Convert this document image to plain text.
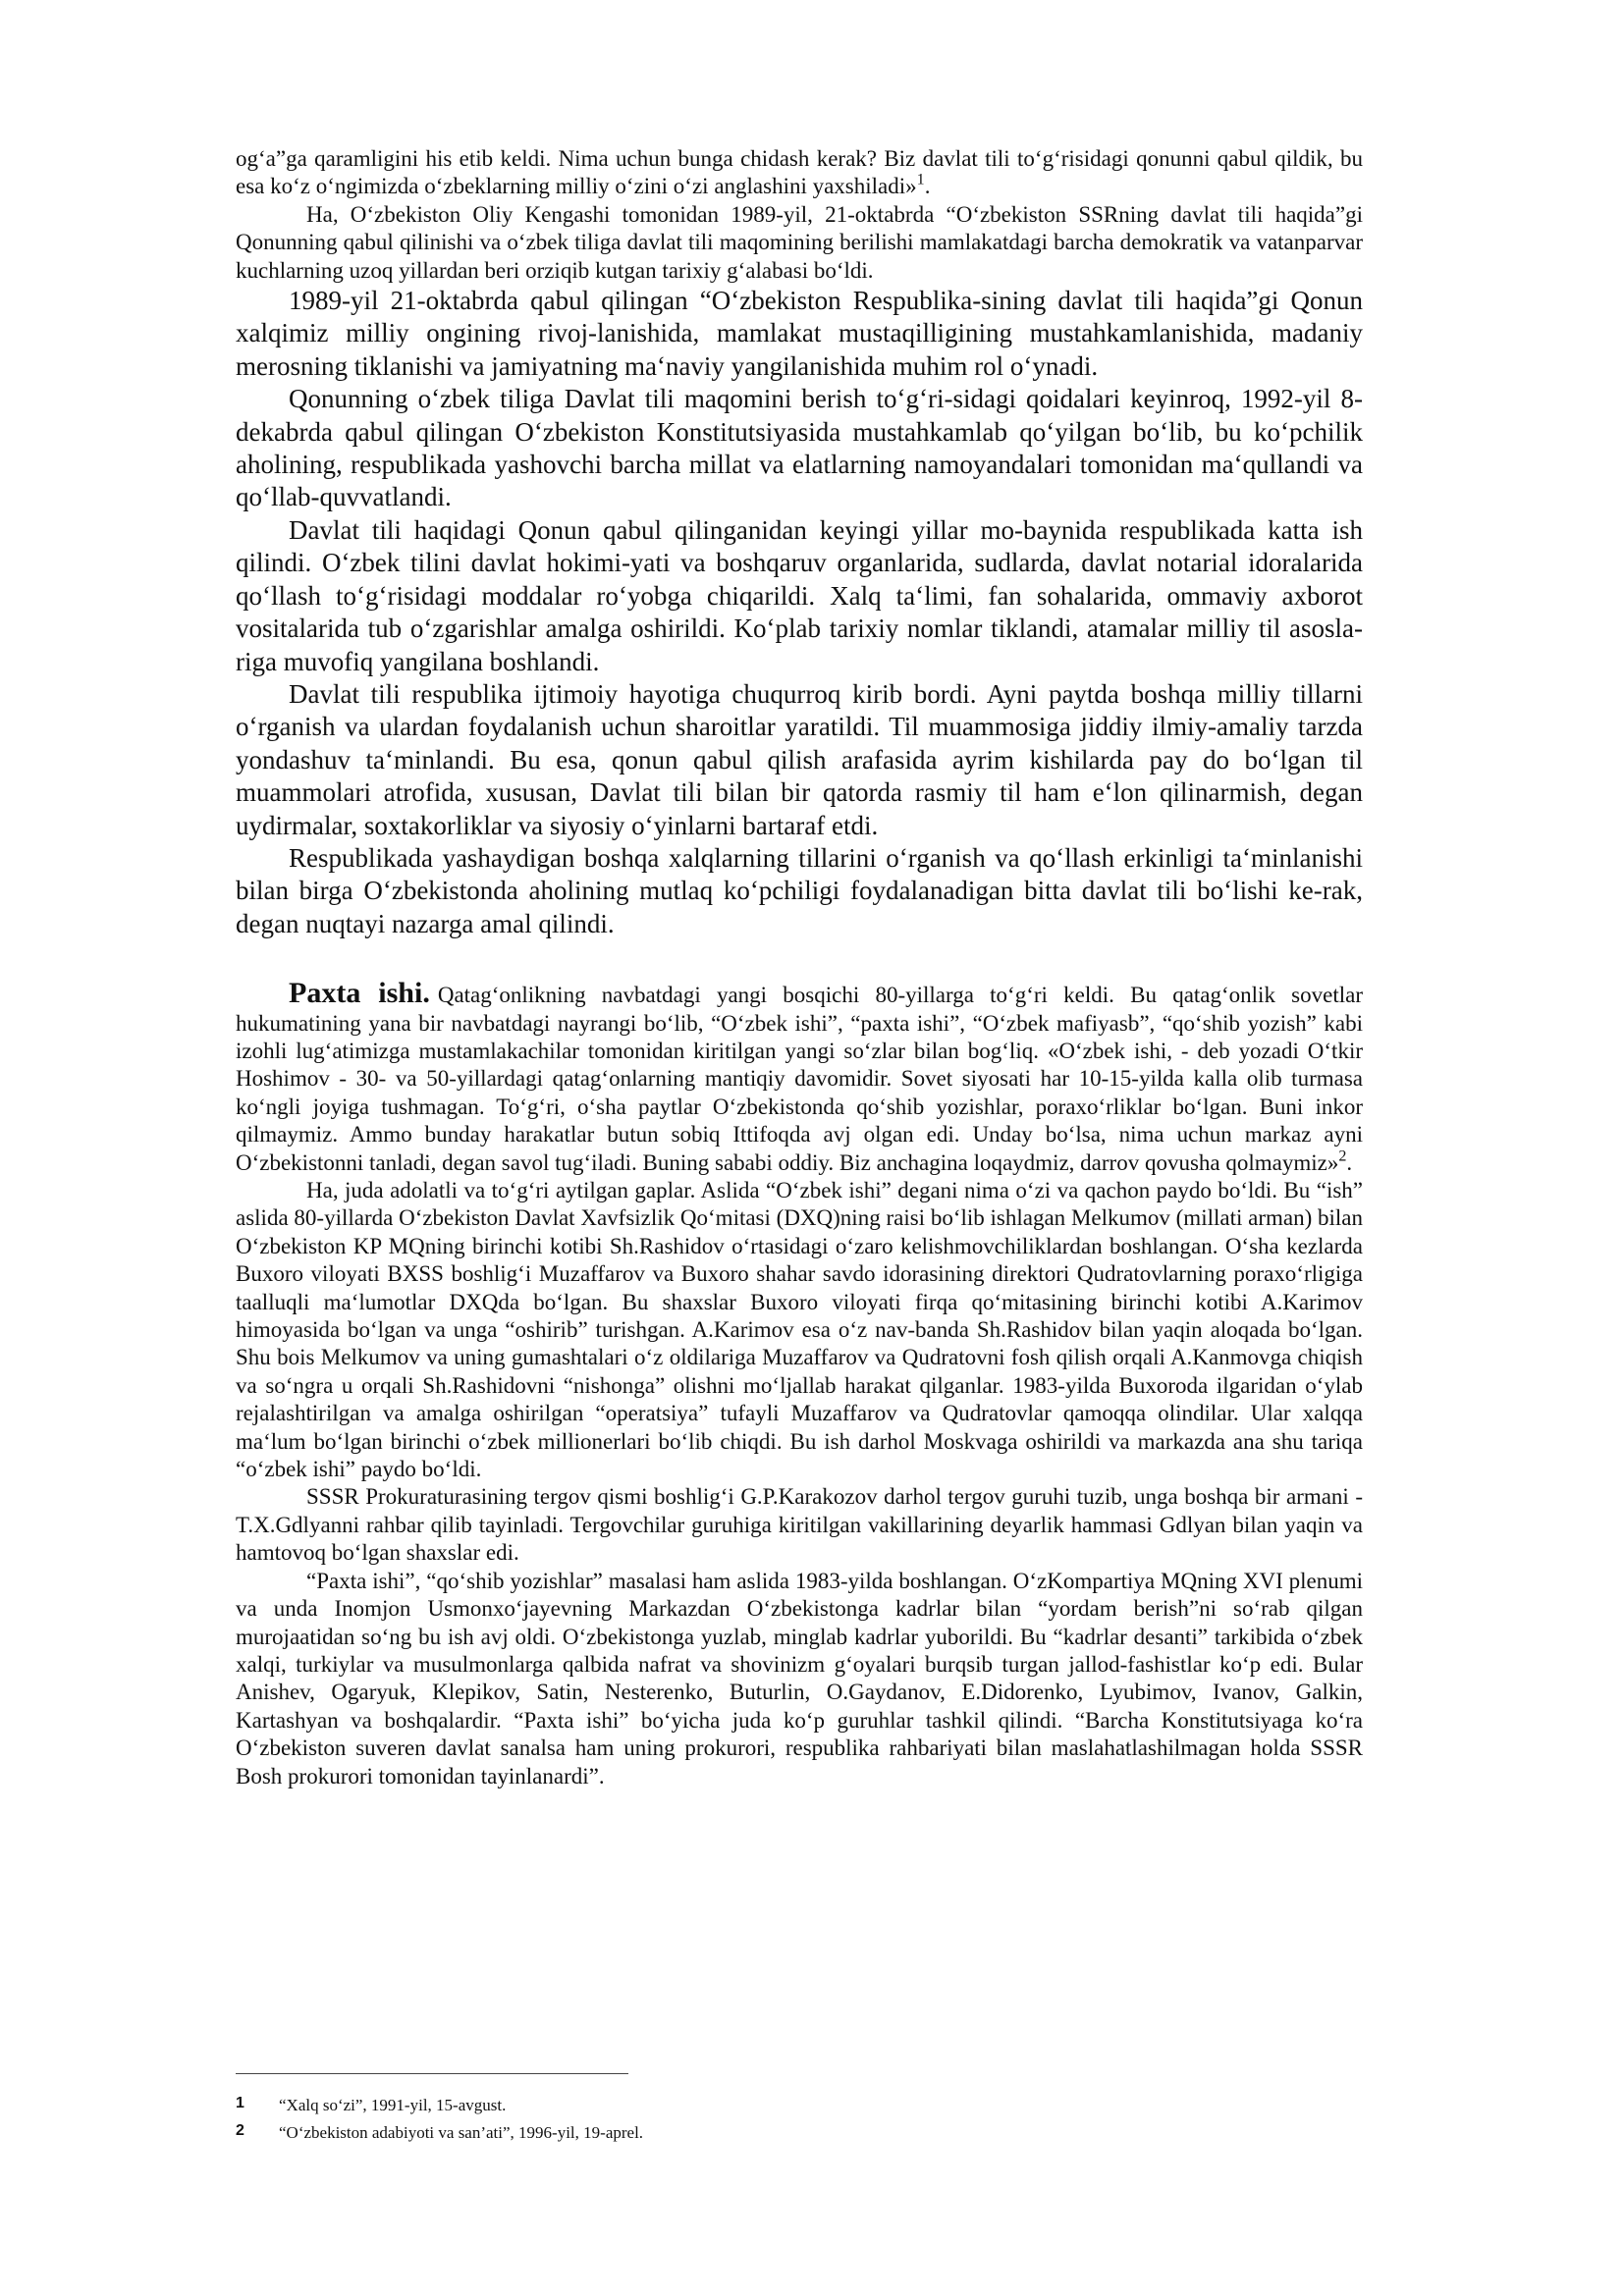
og‘a”ga qaramligini his etib keldi. Nima uchun bunga chidash kerak? Biz davlat tili to‘g‘risidagi qonunni qabul qildik, bu esa ko‘z o‘ngimizda o‘zbeklarning milliy o‘zini o‘zi anglashini yaxshiladi»$^1$.

Ha, O‘zbekiston Oliy Kengashi tomonidan 1989-yil, 21-oktabrda “O‘zbekiston SSRning davlat tili haqida”gi Qonunning qabul qilinishi va o‘zbek tiliga davlat tili maqomining berilishi mamlakatdagi barcha demokratik va vatanparvar kuchlarning uzoq yillardan beri orziqib kutgan tarixiy g‘alabasi bo‘ldi.

1989-yil 21-oktabrda qabul qilingan “O‘zbekiston Respublika-sining davlat tili haqida”gi Qonun xalqimiz milliy ongining rivoj-lanishida, mamlakat mustaqilligining mustahkamlanishida, madaniy merosning tiklanishi va jamiyatning ma‘naviy yangilanishida muhim rol o‘ynadi.

Qonunning o‘zbek tiliga Davlat tili maqomini berish to‘g‘ri-sidagi qoidalari keyinroq, 1992-yil 8-dekabrda qabul qilingan O‘zbekiston Konstitutsiyasida mustahkamlab qo‘yilgan bo‘lib, bu ko‘pchilik aholining, respublikada yashovchi barcha millat va elatlarning namoyandalari tomonidan ma‘qullandi va qo‘llab-quvvatlandi.

Davlat tili haqidagi Qonun qabul qilinganidan keyingi yillar mo-baynida respublikada katta ish qilindi. O‘zbek tilini davlat hokimi-yati va boshqaruv organlarida, sudlarda, davlat notarial idoralarida qo‘llash to‘g‘risidagi moddalar ro‘yobga chiqarildi. Xalq ta‘limi, fan sohalarida, ommaviy axborot vositalarida tub o‘zgarishlar amalga oshirildi. Ko‘plab tarixiy nomlar tiklandi, atamalar milliy til asosla-riga muvofiq yangilana boshlandi.

Davlat tili respublika ijtimoiy hayotiga chuqurroq kirib bordi. Ayni paytda boshqa milliy tillarni o‘rganish va ulardan foydalanish uchun sharoitlar yaratildi. Til muammosiga jiddiy ilmiy-amaliy tarzda yondashuv ta‘minlandi. Bu esa, qonun qabul qilish arafasida ayrim kishilarda pay do bo‘lgan til muammolari atrofida, xususan, Davlat tili bilan bir qatorda rasmiy til ham e‘lon qilinarmish, degan uydirmalar, soxtakorliklar va siyosiy o‘yinlarni bartaraf etdi.

Respublikada yashaydigan boshqa xalqlarning tillarini o‘rganish va qo‘llash erkinligi ta‘minlanishi bilan birga O‘zbekistonda aholining mutlaq ko‘pchiligi foydalanadigan bitta davlat tili bo‘lishi ke-rak, degan nuqtayi nazarga amal qilindi.

Paxta ishi. Qatag‘onlikning navbatdagi yangi bosqichi 80-yillarga to‘g‘ri keldi. Bu qatag‘onlik sovetlar hukumatining yana bir navbatdagi nayrangi bo‘lib, “O‘zbek ishi”, “paxta ishi”, “O‘zbek mafiyasb”, “qo‘shib yozish” kabi izohli lug‘atimizga mustamlakachilar tomonidan kiritilgan yangi so‘zlar bilan bog‘liq. «O‘zbek ishi, - deb yozadi O‘tkir Hoshimov - 30- va 50-yillardagi qatag‘onlarning mantiqiy davomidir. Sovet siyosati har 10-15-yilda kalla olib turmasa ko‘ngli joyiga tushmagan. To‘g‘ri, o‘sha paytlar O‘zbekistonda qo‘shib yozishlar, poraxo‘rliklar bo‘lgan. Buni inkor qilmaymiz. Ammo bunday harakatlar butun sobiq Ittifoqda avj olgan edi. Unday bo‘lsa, nima uchun markaz ayni O‘zbekistonni tanladi, degan savol tug‘iladi. Buning sababi oddiy. Biz anchagina loqaydmiz, darrov qovusha qolmaymiz»$^2$.

Ha, juda adolatli va to‘g‘ri aytilgan gaplar. Aslida “O‘zbek ishi” degani nima o‘zi va qachon paydo bo‘ldi. Bu “ish” aslida 80-yillarda O‘zbekiston Davlat Xavfsizlik Qo‘mitasi (DXQ)ning raisi bo‘lib ishlagan Melkumov (millati arman) bilan O‘zbekiston KP MQning birinchi kotibi Sh.Rashidov o‘rtasidagi o‘zaro kelishmovchiliklardan boshlangan. O‘sha kezlarda Buxoro viloyati BXSS boshlig‘i Muzaffarov va Buxoro shahar savdo idorasining direktori Qudratovlarning poraxo‘rligiga taalluqli ma‘lumotlar DXQda bo‘lgan. Bu shaxslar Buxoro viloyati firqa qo‘mitasining birinchi kotibi A.Karimov himoyasida bo‘lgan va unga “oshirib” turishgan. A.Karimov esa o‘z nav-banda Sh.Rashidov bilan yaqin aloqada bo‘lgan. Shu bois Melkumov va uning gumashtalari o‘z oldilariga Muzaffarov va Qudratovni fosh qilish orqali A.Kanmovga chiqish va so‘ngra u orqali Sh.Rashidovni “nishonga” olishni mo‘ljallab harakat qilganlar. 1983-yilda Buxoroda ilgaridan o‘ylab rejalashtirilgan va amalga oshirilgan “operatsiya” tufayli Muzaffarov va Qudratovlar qamoqqa olindilar. Ular xalqqa ma‘lum bo‘lgan birinchi o‘zbek millionerlari bo‘lib chiqdi. Bu ish darhol Moskvaga oshirildi va markazda ana shu tariqa “o‘zbek ishi” paydo bo‘ldi.

SSSR Prokuraturasining tergov qismi boshlig‘i G.P.Karakozov darhol tergov guruhi tuzib, unga boshqa bir armani - T.X.Gdlyanni rahbar qilib tayinladi. Tergovchilar guruhiga kiritilgan vakillarining deyarlik hammasi Gdlyan bilan yaqin va hamtovoq bo‘lgan shaxslar edi.

“Paxta ishi”, “qo‘shib yozishlar” masalasi ham aslida 1983-yilda boshlangan. O‘zKompartiya MQning XVI plenumi va unda Inomjon Usmonxo‘jayevning Markazdan O‘zbekistonga kadrlar bilan “yordam berish”ni so‘rab qilgan murojaatidan so‘ng bu ish avj oldi. O‘zbekistonga yuzlab, minglab kadrlar yuborildi. Bu “kadrlar desanti” tarkibida o‘zbek xalqi, turkiylar va musulmonlarga qalbida nafrat va shovinizm g‘oyalari burqsib turgan jallod-fashistlar ko‘p edi. Bular Anishev, Ogaryuk, Klepikov, Satin, Nesterenko, Buturlin, O.Gaydanov, E.Didorenko, Lyubimov, Ivanov, Galkin, Kartashyan va boshqalardir. “Paxta ishi” bo‘yicha juda ko‘p guruhlar tashkil qilindi. “Barcha Konstitutsiyaga ko‘ra O‘zbekiston suveren davlat sanalsa ham uning prokurori, respublika rahbariyati bilan maslahatlashilmagan holda SSSR Bosh prokurori tomonidan tayinlanardi”.

1 “Xalq so‘zi”, 1991-yil, 15-avgust.
2 “O‘zbekiston adabiyoti va san’ati”, 1996-yil, 19-aprel.
